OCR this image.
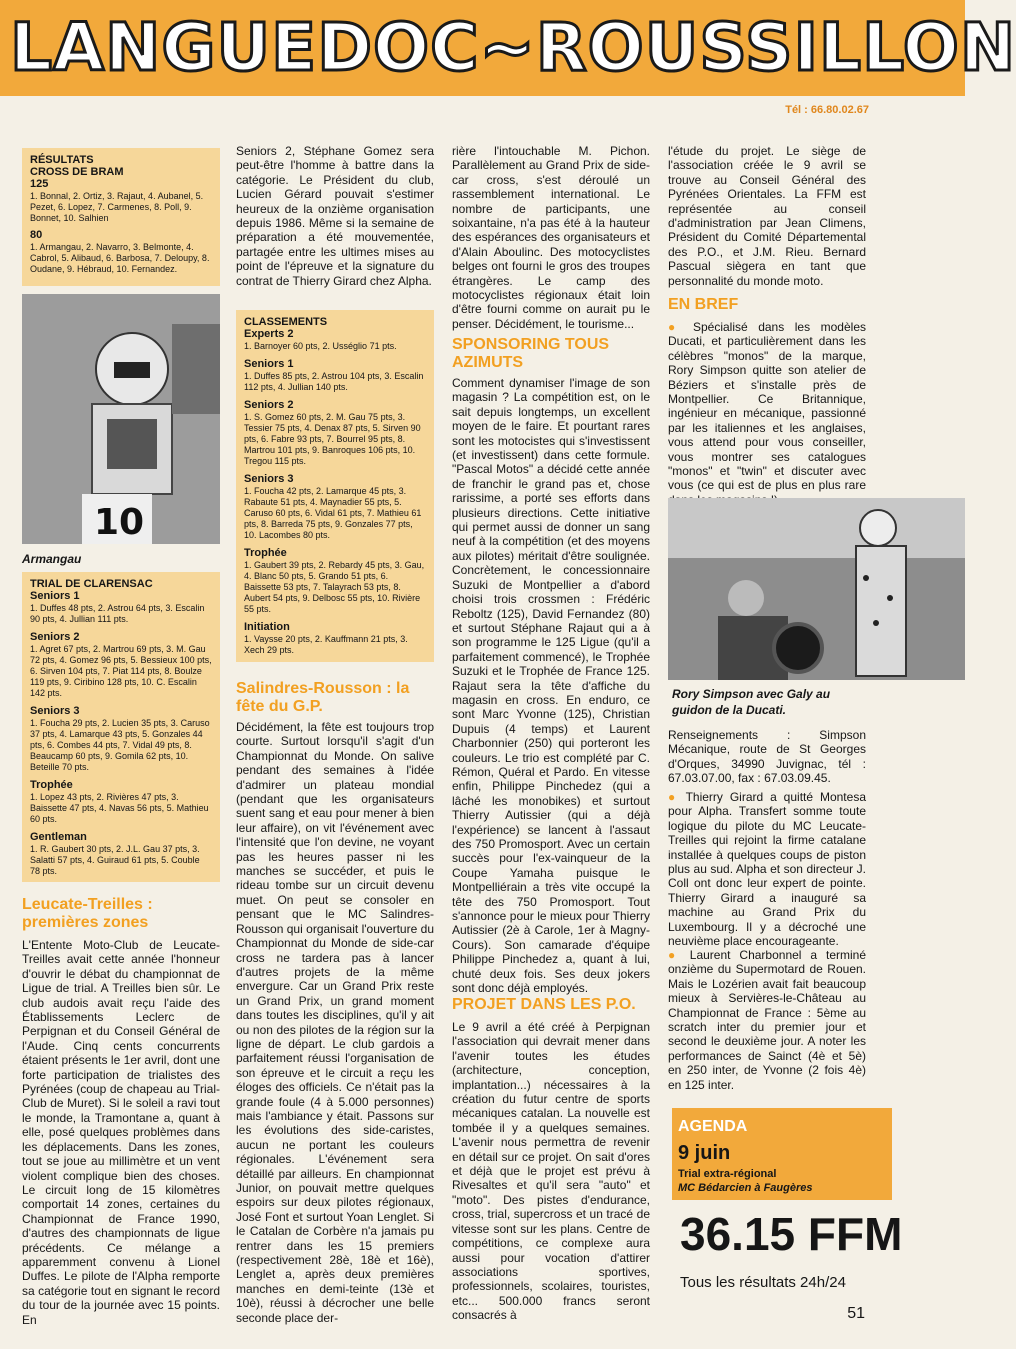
LANGUEDOC~ROUSSILLON
Tél : 66.80.02.67
RÉSULTATS
CROSS DE BRAM
125
1. Bonnal, 2. Ortiz, 3. Rajaut, 4. Aubanel, 5. Pezet, 6. Lopez, 7. Carmenes, 8. Poll, 9. Bonnet, 10. Salhien
80
1. Armangau, 2. Navarro, 3. Belmonte, 4. Cabrol, 5. Alibaud, 6. Barbosa, 7. Deloupy, 8. Oudane, 9. Hébraud, 10. Fernandez.
10
Armangau
TRIAL DE CLARENSAC
Seniors 1
1. Duffes 48 pts, 2. Astrou 64 pts, 3. Escalin 90 pts, 4. Jullian 111 pts.
Seniors 2
1. Agret 67 pts, 2. Martrou 69 pts, 3. M. Gau 72 pts, 4. Gomez 96 pts, 5. Bessieux 100 pts, 6. Sirven 104 pts, 7. Piat 114 pts, 8. Boulze 119 pts, 9. Ciribino 128 pts, 10. C. Escalin 142 pts.
Seniors 3
1. Foucha 29 pts, 2. Lucien 35 pts, 3. Caruso 37 pts, 4. Lamarque 43 pts, 5. Gonzales 44 pts, 6. Combes 44 pts, 7. Vidal 49 pts, 8. Beaucamp 60 pts, 9. Gomila 62 pts, 10. Beteille 70 pts.
Trophée
1. Lopez 43 pts, 2. Rivières 47 pts, 3. Baissette 47 pts, 4. Navas 56 pts, 5. Mathieu 60 pts.
Gentleman
1. R. Gaubert 30 pts, 2. J.L. Gau 37 pts, 3. Salatti 57 pts, 4. Guiraud 61 pts, 5. Couble 78 pts.
Leucate-Treilles : premières zones

L'Entente Moto-Club de Leucate-Treilles avait cette année l'honneur d'ouvrir le débat du championnat de Ligue de trial. A Treilles bien sûr. Le club audois avait reçu l'aide des Établissements Leclerc de Perpignan et du Conseil Général de l'Aude. Cinq cents concurrents étaient présents le 1er avril, dont une forte participation de trialistes des Pyrénées (coup de chapeau au Trial-Club de Muret). Si le soleil a ravi tout le monde, la Tramontane a, quant à elle, posé quelques problèmes dans les déplacements. Dans les zones, tout se joue au millimètre et un vent violent complique bien des choses. Le circuit long de 15 kilomètres comportait 14 zones, certaines du Championnat de France 1990, d'autres des championnats de ligue précédents. Ce mélange a apparemment convenu à Lionel Duffes. Le pilote de l'Alpha remporte sa catégorie tout en signant le record du tour de la journée avec 15 points. En

Seniors 2, Stéphane Gomez sera peut-être l'homme à battre dans la catégorie. Le Président du club, Lucien Gérard pouvait s'estimer heureux de la onzième organisation depuis 1986. Même si la semaine de préparation a été mouvementée, partagée entre les ultimes mises au point de l'épreuve et la signature du contrat de Thierry Girard chez Alpha.

CLASSEMENTS
Experts 2
1. Barnoyer 60 pts, 2. Usséglio 71 pts.
Seniors 1
1. Duffes 85 pts, 2. Astrou 104 pts, 3. Escalin 112 pts, 4. Jullian 140 pts.
Seniors 2
1. S. Gomez 60 pts, 2. M. Gau 75 pts, 3. Tessier 75 pts, 4. Denax 87 pts, 5. Sirven 90 pts, 6. Fabre 93 pts, 7. Bourrel 95 pts, 8. Martrou 101 pts, 9. Banroques 106 pts, 10. Tregou 115 pts.
Seniors 3
1. Foucha 42 pts, 2. Lamarque 45 pts, 3. Rabaute 51 pts, 4. Maynadier 55 pts, 5. Caruso 60 pts, 6. Vidal 61 pts, 7. Mathieu 61 pts, 8. Barreda 75 pts, 9. Gonzales 77 pts, 10. Lacombes 80 pts.
Trophée
1. Gaubert 39 pts, 2. Rebardy 45 pts, 3. Gau, 4. Blanc 50 pts, 5. Grando 51 pts, 6. Baissette 53 pts, 7. Talayrach 53 pts, 8. Aubert 54 pts, 9. Delbosc 55 pts, 10. Rivière 55 pts.
Initiation
1. Vaysse 20 pts, 2. Kauffmann 21 pts, 3. Xech 29 pts.
Salindres-Rousson : la fête du G.P.

Décidément, la fête est toujours trop courte. Surtout lorsqu'il s'agit d'un Championnat du Monde. On salive pendant des semaines à l'idée d'admirer un plateau mondial (pendant que les organisateurs suent sang et eau pour mener à bien leur affaire), on vit l'événement avec l'intensité que l'on devine, ne voyant pas les heures passer ni les manches se succéder, et puis le rideau tombe sur un circuit devenu muet. On peut se consoler en pensant que le MC Salindres-Rousson qui organisait l'ouverture du Championnat du Monde de side-car cross ne tardera pas à lancer d'autres projets de la même envergure. Car un Grand Prix reste un Grand Prix, un grand moment dans toutes les disciplines, qu'il y ait ou non des pilotes de la région sur la ligne de départ. Le club gardois a parfaitement réussi l'organisation de son épreuve et le circuit a reçu les éloges des officiels. Ce n'était pas la grande foule (4 à 5.000 personnes) mais l'ambiance y était. Passons sur les évolutions des side-caristes, aucun ne portant les couleurs régionales. L'événement sera détaillé par ailleurs. En championnat Junior, on pouvait mettre quelques espoirs sur deux pilotes régionaux, José Font et surtout Yoan Lenglet. Si le Catalan de Corbère n'a jamais pu rentrer dans les 15 premiers (respectivement 28è, 18è et 16è), Lenglet a, après deux premières manches en demi-teinte (13è et 10è), réussi à décrocher une belle seconde place der-

rière l'intouchable M. Pichon. Parallèlement au Grand Prix de side-car cross, s'est déroulé un rassemblement international. Le nombre de participants, une soixantaine, n'a pas été à la hauteur des espérances des organisateurs et d'Alain Aboulinc. Des motocyclistes belges ont fourni le gros des troupes étrangères. Le camp des motocyclistes régionaux était loin d'être fourni comme on aurait pu le penser. Décidément, le tourisme...

SPONSORING TOUS AZIMUTS

Comment dynamiser l'image de son magasin ? La compétition est, on le sait depuis longtemps, un excellent moyen de le faire. Et pourtant rares sont les motocistes qui s'investissent (et investissent) dans cette formule. "Pascal Motos" a décidé cette année de franchir le grand pas et, chose rarissime, a porté ses efforts dans plusieurs directions. Cette initiative qui permet aussi de donner un sang neuf à la compétition (et des moyens aux pilotes) méritait d'être soulignée. Concrètement, le concessionnaire Suzuki de Montpellier a d'abord choisi trois crossmen : Frédéric Reboltz (125), David Fernandez (80) et surtout Stéphane Rajaut qui a à son programme le 125 Ligue (qu'il a parfaitement commencé), le Trophée Suzuki et le Trophée de France 125. Rajaut sera la tête d'affiche du magasin en cross. En enduro, ce sont Marc Yvonne (125), Christian Dupuis (4 temps) et Laurent Charbonnier (250) qui porteront les couleurs. Le trio est complété par C. Rémon, Quéral et Pardo. En vitesse enfin, Philippe Pinchedez (qui a lâché les monobikes) et surtout Thierry Autissier (qui a déjà l'expérience) se lancent à l'assaut des 750 Promosport. Avec un certain succès pour l'ex-vainqueur de la Coupe Yamaha puisque le Montpelliérain a très vite occupé la tête des 750 Promosport. Tout s'annonce pour le mieux pour Thierry Autissier (2è à Carole, 1er à Magny-Cours). Son camarade d'équipe Philippe Pinchedez a, quant à lui, chuté deux fois. Ses deux jokers sont donc déjà employés.

PROJET DANS LES P.O.

Le 9 avril a été créé à Perpignan l'association qui devrait mener dans l'avenir toutes les études (architecture, conception, implantation...) nécessaires à la création du futur centre de sports mécaniques catalan. La nouvelle est tombée il y a quelques semaines. L'avenir nous permettra de revenir en détail sur ce projet. On sait d'ores et déjà que le projet est prévu à Rivesaltes et qu'il sera "auto" et "moto". Des pistes d'endurance, cross, trial, supercross et un tracé de vitesse sont sur les plans. Centre de compétitions, ce complexe aura aussi pour vocation d'attirer associations sportives, professionnels, scolaires, touristes, etc... 500.000 francs seront consacrés à

l'étude du projet. Le siège de l'association créée le 9 avril se trouve au Conseil Général des Pyrénées Orientales. La FFM est représentée au conseil d'administration par Jean Climens, Président du Comité Départemental des P.O., et J.M. Rieu. Bernard Pascual siègera en tant que personnalité du monde moto.

EN BREF

● Spécialisé dans les modèles Ducati, et particulièrement dans les célèbres "monos" de la marque, Rory Simpson quitte son atelier de Béziers et s'installe près de Montpellier. Ce Britannique, ingénieur en mécanique, passionné par les italiennes et les anglaises, vous attend pour vous conseiller, vous montrer ses catalogues "monos" et "twin" et discuter avec vous (ce qui est de plus en plus rare

Rory Simpson avec Galy au guidon de la Ducati.

Renseignements : Simpson Mécanique, route de St Georges d'Orques, 34990 Juvignac, tél : 67.03.07.00, fax : 67.03.09.45.

● Thierry Girard a quitté Montesa pour Alpha. Transfert somme toute logique du pilote du MC Leucate-Treilles qui rejoint la firme catalane installée à quelques coups de piston plus au sud. Alpha et son directeur J. Coll ont donc leur expert de pointe. Thierry Girard a inauguré sa machine au Grand Prix du Luxembourg. Il y a décroché une neuvième place encourageante.

● Laurent Charbonnel a terminé onzième du Supermotard de Rouen. Mais le Lozérien avait fait beaucoup mieux à Servières-le-Château au Championnat de France : 5ème au scratch inter du premier jour et second le deuxième jour. A noter les performances de Sainct (4è et 5è) en 250 inter, de Yvonne (2 fois 4è) en 125 inter.

AGENDA
9 juin
Trial extra-régional
MC Bédarcien à Faugères
36.15 FFM
Tous les résultats 24h/24
51
